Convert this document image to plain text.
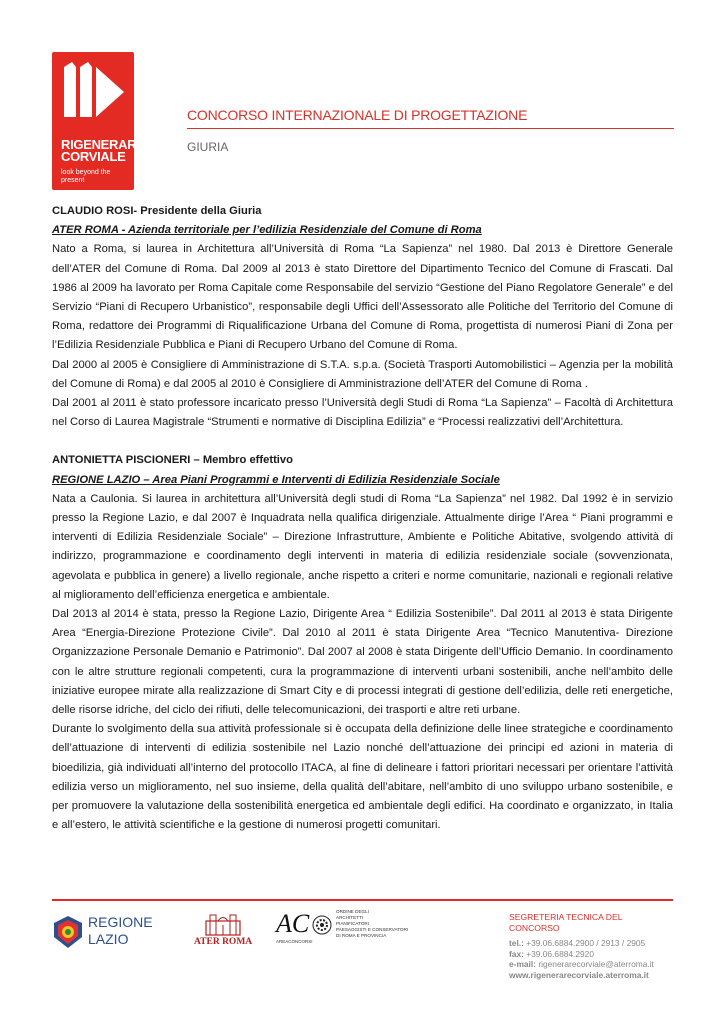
RIGENERARE
CORVIALE
look beyond the present
CONCORSO INTERNAZIONALE DI PROGETTAZIONE
GIURIA

CLAUDIO ROSI- Presidente della Giuria

ATER ROMA - Azienda territoriale per l’edilizia Residenziale del Comune di Roma

Nato a Roma, si laurea in Architettura all’Università di Roma “La Sapienza” nel 1980. Dal 2013 è Direttore Generale dell’ATER del Comune di Roma. Dal 2009 al 2013 è stato Direttore del Dipartimento Tecnico del Comune di Frascati. Dal 1986 al 2009 ha lavorato per Roma Capitale come Responsabile del servizio “Gestione del Piano Regolatore Generale” e del Servizio “Piani di Recupero Urbanistico”, responsabile degli Uffici dell’Assessorato alle Politiche del Territorio del Comune di Roma, redattore dei Programmi di Riqualificazione Urbana del Comune di Roma, progettista di numerosi Piani di Zona per l’Edilizia Residenziale Pubblica e Piani di Recupero Urbano del Comune di Roma.

Dal 2000 al 2005 è Consigliere di Amministrazione di S.T.A. s.p.a. (Società Trasporti Automobilistici – Agenzia per la mobilità del Comune di Roma) e dal 2005 al 2010 è Consigliere di Amministrazione dell’ATER del Comune di Roma .

Dal 2001 al 2011 è stato professore incaricato presso l’Università degli Studi di Roma “La Sapienza” – Facoltà di Architettura nel Corso di Laurea Magistrale “Strumenti e normative di Disciplina Edilizia” e “Processi realizzativi dell’Architettura.

ANTONIETTA PISCIONERI – Membro effettivo

REGIONE LAZIO – Area Piani Programmi e Interventi di Edilizia Residenziale Sociale

Nata a Caulonia. Si laurea in architettura all’Università degli studi di Roma “La Sapienza” nel 1982. Dal 1992 è in servizio presso la Regione Lazio, e dal 2007 è Inquadrata nella qualifica dirigenziale. Attualmente dirige l’Area “ Piani programmi e interventi di Edilizia Residenziale Sociale” – Direzione Infrastrutture, Ambiente e Politiche Abitative, svolgendo attività di indirizzo, programmazione e coordinamento degli interventi in materia di edilizia residenziale sociale (sovvenzionata, agevolata e pubblica in genere) a livello regionale, anche rispetto a criteri e norme comunitarie, nazionali e regionali relative al miglioramento dell’efficienza energetica e ambientale.

Dal 2013 al 2014 è stata, presso la Regione Lazio, Dirigente Area “ Edilizia Sostenibile”. Dal 2011 al 2013 è stata Dirigente Area “Energia-Direzione Protezione Civile”. Dal 2010 al 2011 è stata Dirigente Area “Tecnico Manutentiva- Direzione Organizzazione Personale Demanio e Patrimonio”. Dal 2007 al 2008 è stata Dirigente dell’Ufficio Demanio. In coordinamento con le altre strutture regionali competenti, cura la programmazione di interventi urbani sostenibili, anche nell’ambito delle iniziative europee mirate alla realizzazione di Smart City e di processi integrati di gestione dell’edilizia, delle reti energetiche, delle risorse idriche, del ciclo dei rifiuti, delle telecomunicazioni, dei trasporti e altre reti urbane.

Durante lo svolgimento della sua attività professionale si è occupata della definizione delle linee strategiche e coordinamento dell’attuazione di interventi di edilizia sostenibile nel Lazio nonché dell’attuazione dei principi ed azioni in materia di bioedilizia, già individuati all’interno del protocollo ITACA, al fine di delineare i fattori prioritari necessari per orientare l’attività edilizia verso un miglioramento, nel suo insieme, della qualità dell’abitare, nell’ambito di uno sviluppo urbano sostenibile, e per promuovere la valutazione della sostenibilità energetica ed ambientale degli edifici. Ha coordinato e organizzato, in Italia e all’estero, le attività scientifiche e la gestione di numerosi progetti comunitari.

REGIONE
LAZIO	ATER ROMA
AC
AREACONCORSI
ORDINE DEGLI
ARCHITETTI
PIANIFICATORI
PAESAGGISTI E CONSERVATORI
DI ROMA E PROVINCIA
SEGRETERIA TECNICA DEL CONCORSO
tel.: +39.06.6884.2900 / 2913 / 2905
fax: +39.06.6884.2920
e-mail: rigenerarecorviale@aterroma.it
www.rigenerarecorviale.aterroma.it
